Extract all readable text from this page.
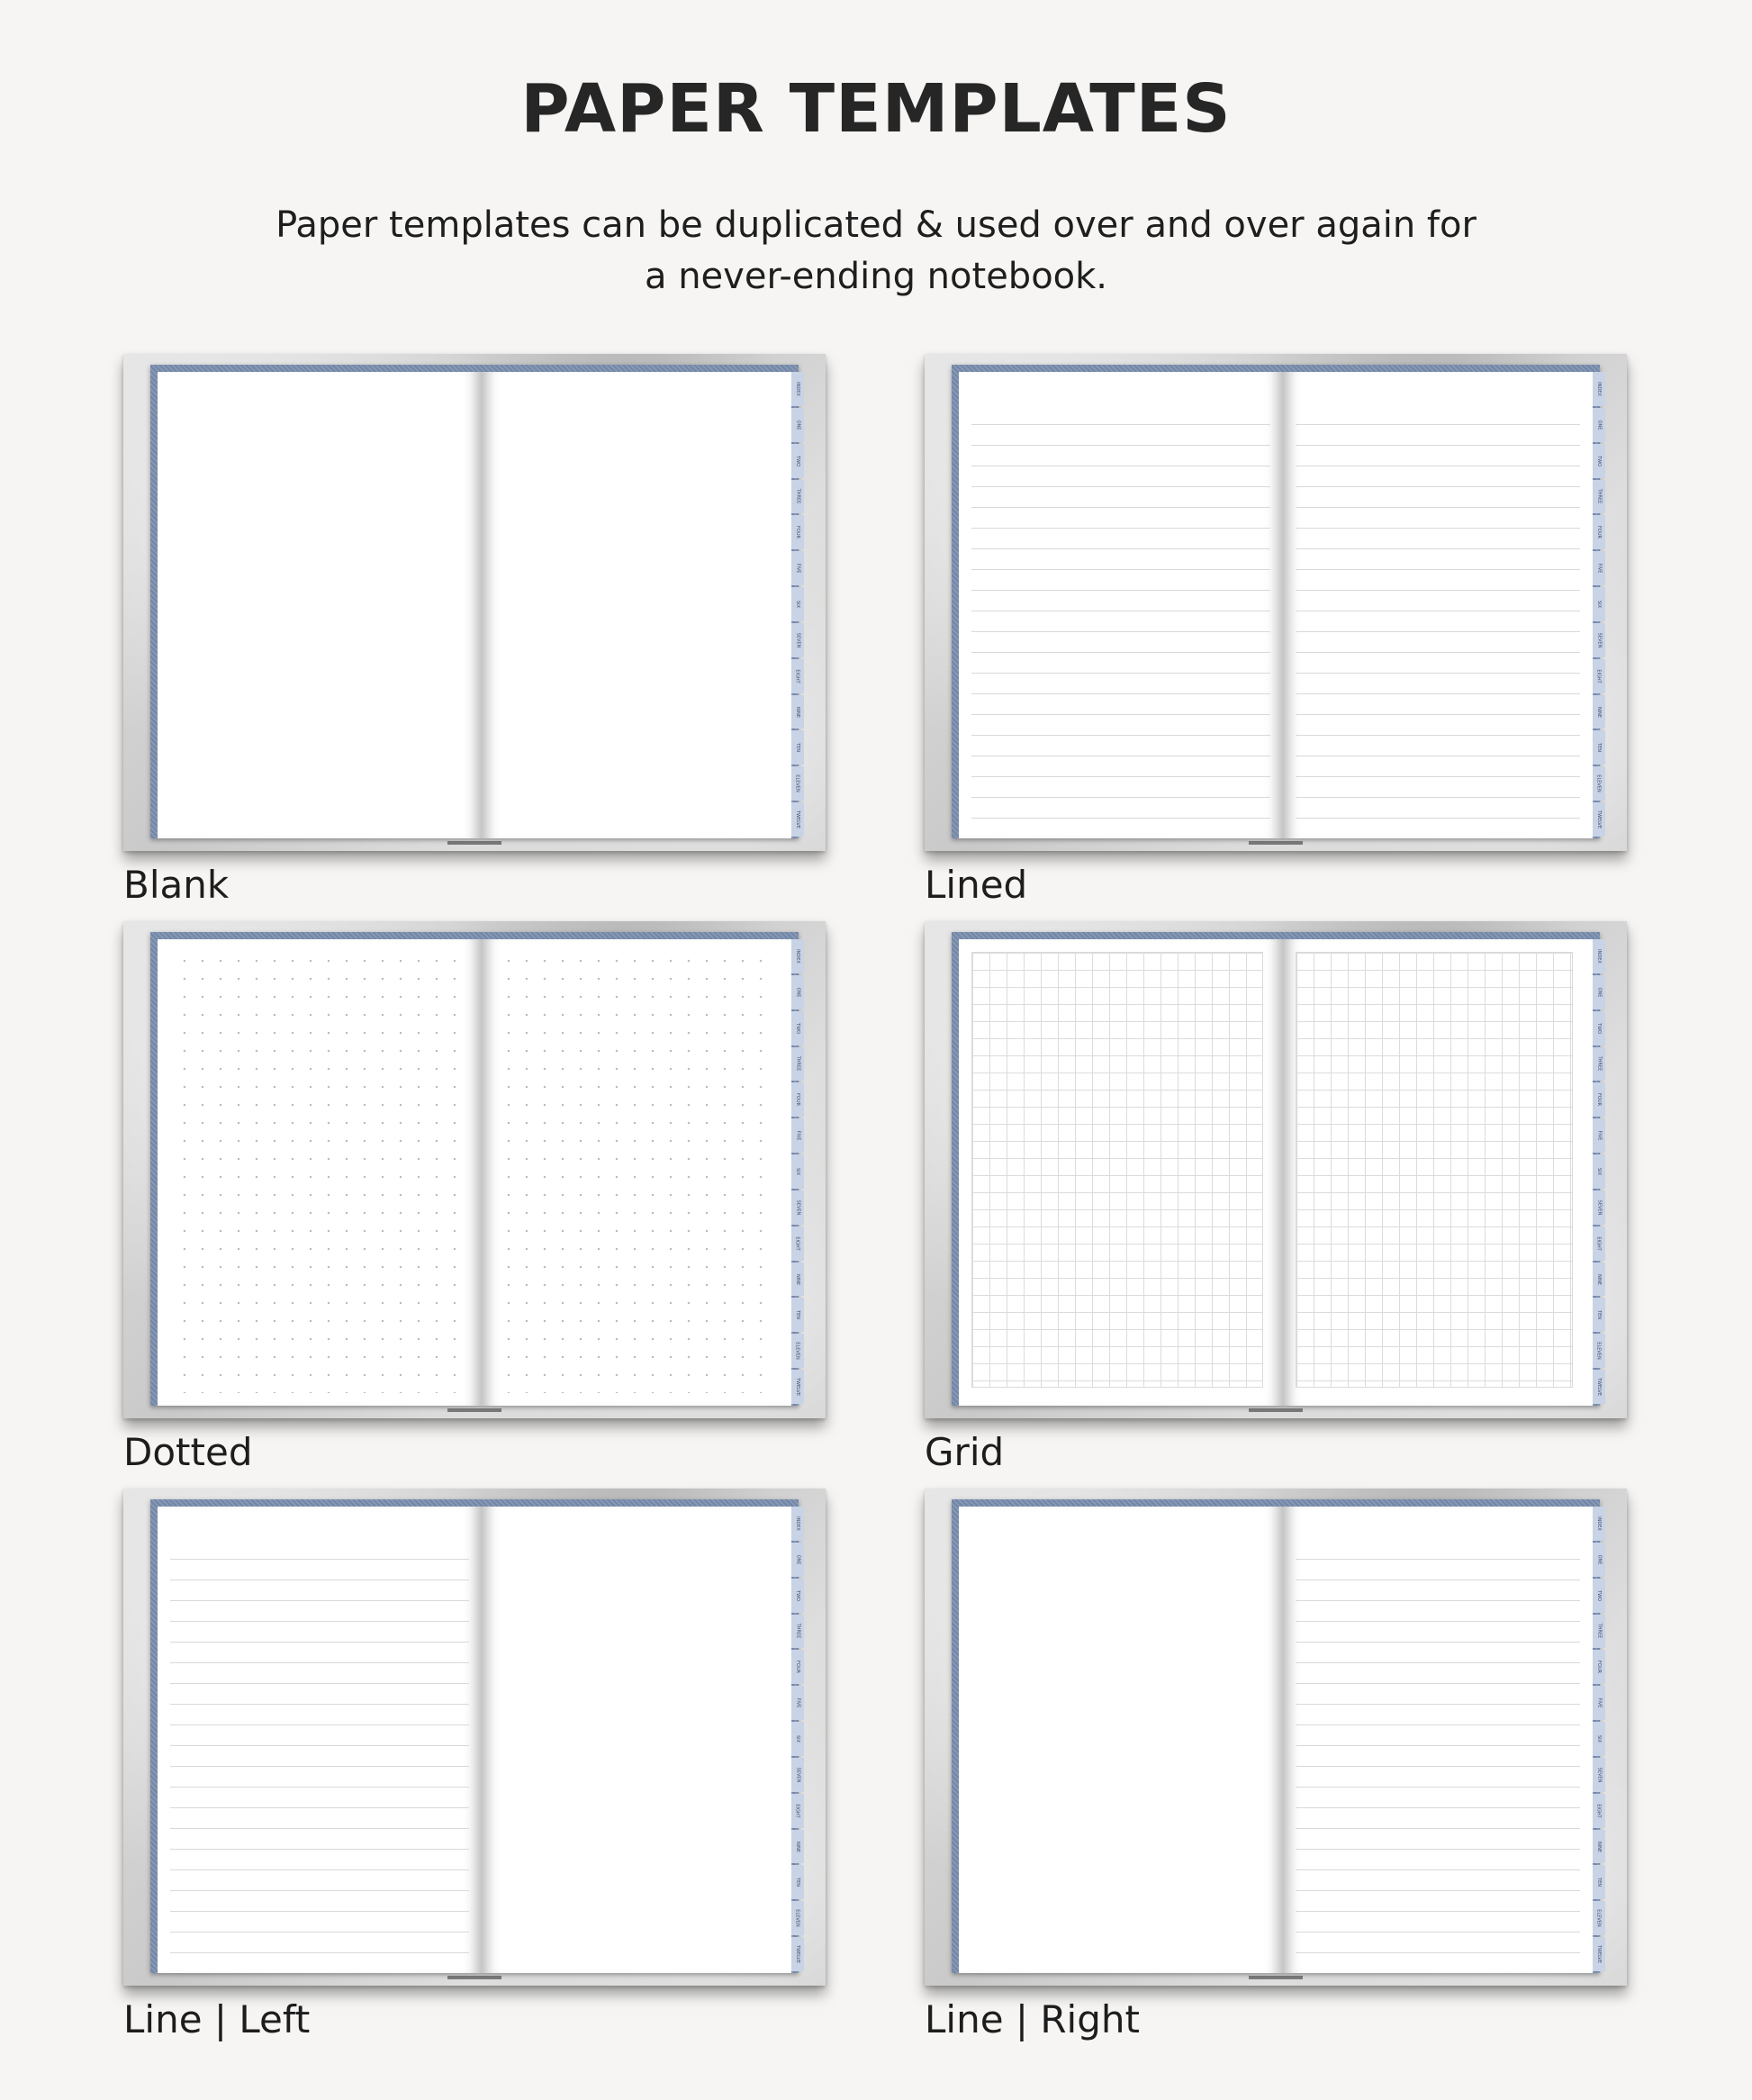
PAPER TEMPLATES
Paper templates can be duplicated & used over and over again for a never-ending notebook.
INDEX
ONE
TWO
THREE
FOUR
FIVE
SIX
SEVEN
EIGHT
NINE
TEN
ELEVEN
TWELVE
Blank
INDEX
ONE
TWO
THREE
FOUR
FIVE
SIX
SEVEN
EIGHT
NINE
TEN
ELEVEN
TWELVE
Lined
INDEX
ONE
TWO
THREE
FOUR
FIVE
SIX
SEVEN
EIGHT
NINE
TEN
ELEVEN
TWELVE
Dotted
INDEX
ONE
TWO
THREE
FOUR
FIVE
SIX
SEVEN
EIGHT
NINE
TEN
ELEVEN
TWELVE
Grid
INDEX
ONE
TWO
THREE
FOUR
FIVE
SIX
SEVEN
EIGHT
NINE
TEN
ELEVEN
TWELVE
Line | Left
INDEX
ONE
TWO
THREE
FOUR
FIVE
SIX
SEVEN
EIGHT
NINE
TEN
ELEVEN
TWELVE
Line | Right
